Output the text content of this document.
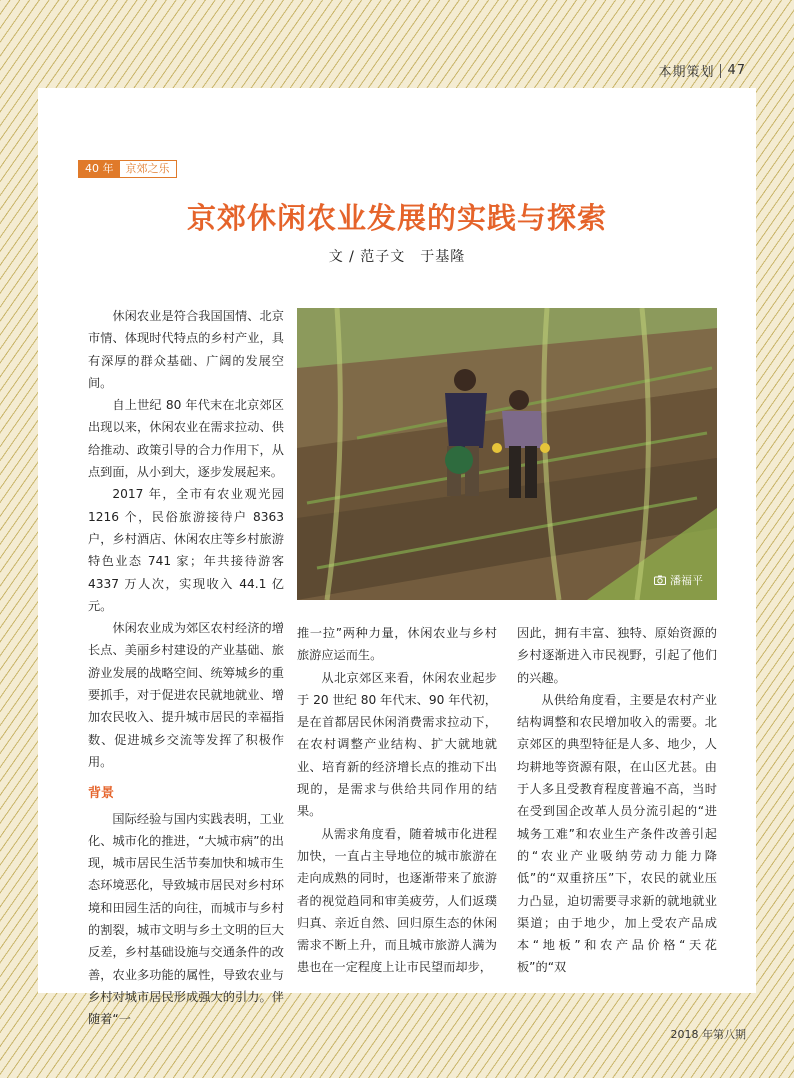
本期策划 47
40 年	京郊之乐
京郊休闲农业发展的实践与探索
文 / 范子文　于基隆
潘福平

休闲农业是符合我国国情、北京市情、体现时代特点的乡村产业，具有深厚的群众基础、广阔的发展空间。

自上世纪 80 年代末在北京郊区出现以来，休闲农业在需求拉动、供给推动、政策引导的合力作用下，从点到面，从小到大，逐步发展起来。

2017 年，全市有农业观光园 1216 个，民俗旅游接待户 8363 户，乡村酒店、休闲农庄等乡村旅游特色业态 741 家；年共接待游客 4337 万人次，实现收入 44.1 亿元。

休闲农业成为郊区农村经济的增长点、美丽乡村建设的产业基础、旅游业发展的战略空间、统筹城乡的重要抓手，对于促进农民就地就业、增加农民收入、提升城市居民的幸福指数、促进城乡交流等发挥了积极作用。

背景

国际经验与国内实践表明，工业化、城市化的推进，“大城市病”的出现，城市居民生活节奏加快和城市生态环境恶化，导致城市居民对乡村环境和田园生活的向往，而城市与乡村的割裂，城市文明与乡土文明的巨大反差，乡村基础设施与交通条件的改善，农业多功能的属性，导致农业与乡村对城市居民形成强大的引力。伴随着“一

推一拉”两种力量，休闲农业与乡村旅游应运而生。

从北京郊区来看，休闲农业起步于 20 世纪 80 年代末、90 年代初，是在首都居民休闲消费需求拉动下，在农村调整产业结构、扩大就地就业、培育新的经济增长点的推动下出现的，是需求与供给共同作用的结果。

从需求角度看，随着城市化进程加快，一直占主导地位的城市旅游在走向成熟的同时，也逐渐带来了旅游者的视觉趋同和审美疲劳，人们返璞归真、亲近自然、回归原生态的休闲需求不断上升，而且城市旅游人满为患也在一定程度上让市民望而却步，

因此，拥有丰富、独特、原始资源的乡村逐渐进入市民视野，引起了他们的兴趣。

从供给角度看，主要是农村产业结构调整和农民增加收入的需要。北京郊区的典型特征是人多、地少，人均耕地等资源有限，在山区尤甚。由于人多且受教育程度普遍不高，当时在受到国企改革人员分流引起的“进城务工难”和农业生产条件改善引起的“农业产业吸纳劳动力能力降低”的“双重挤压”下，农民的就业压力凸显，迫切需要寻求新的就地就业渠道；由于地少，加上受农产品成本“地板”和农产品价格“天花板”的“双

2018 年第八期
